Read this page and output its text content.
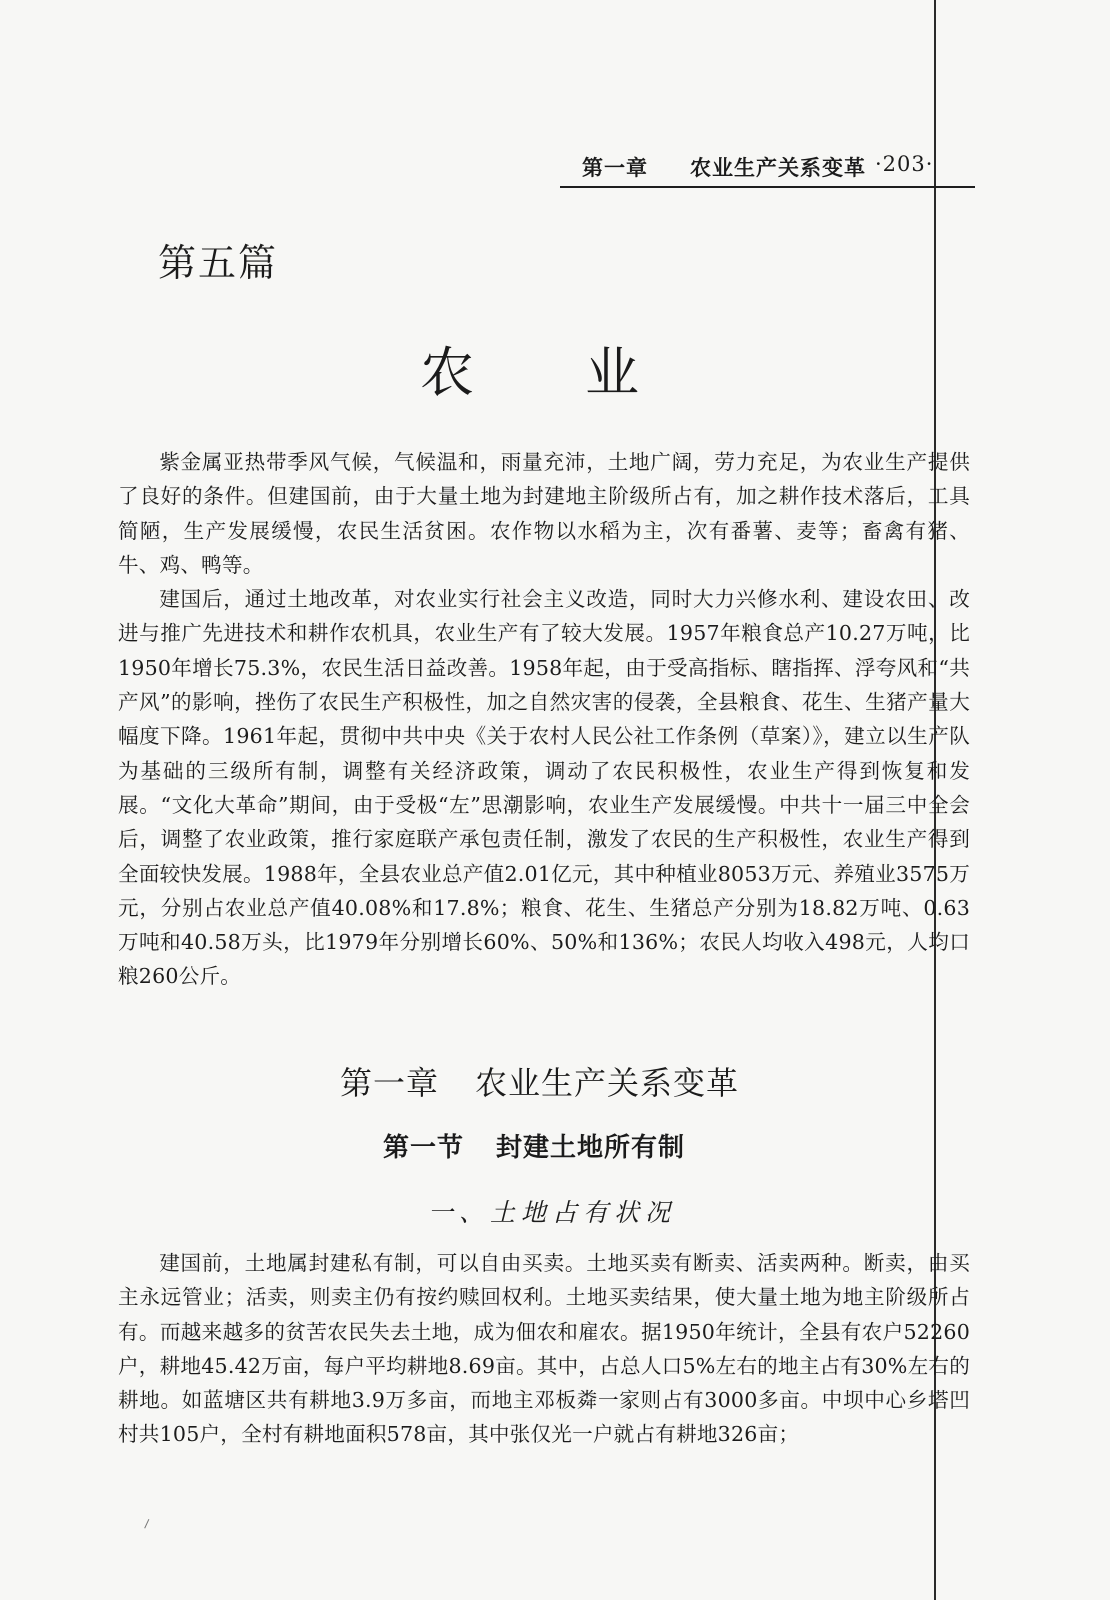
第一章 农业生产关系变革 ·203·
第五篇
农　　业

紫金属亚热带季风气候，气候温和，雨量充沛，土地广阔，劳力充足，为农业生产提供了良好的条件。但建国前，由于大量土地为封建地主阶级所占有，加之耕作技术落后，工具简陋，生产发展缓慢，农民生活贫困。农作物以水稻为主，次有番薯、麦等；畜禽有猪、牛、鸡、鸭等。

建国后，通过土地改革，对农业实行社会主义改造，同时大力兴修水利、建设农田、改进与推广先进技术和耕作农机具，农业生产有了较大发展。1957年粮食总产10.27万吨，比1950年增长75.3%，农民生活日益改善。1958年起，由于受高指标、瞎指挥、浮夸风和“共产风”的影响，挫伤了农民生产积极性，加之自然灾害的侵袭，全县粮食、花生、生猪产量大幅度下降。1961年起，贯彻中共中央《关于农村人民公社工作条例（草案）》，建立以生产队为基础的三级所有制，调整有关经济政策，调动了农民积极性，农业生产得到恢复和发展。“文化大革命”期间，由于受极“左”思潮影响，农业生产发展缓慢。中共十一届三中全会后，调整了农业政策，推行家庭联产承包责任制，激发了农民的生产积极性，农业生产得到全面较快发展。1988年，全县农业总产值2.01亿元，其中种植业8053万元、养殖业3575万元，分别占农业总产值40.08%和17.8%；粮食、花生、生猪总产分别为18.82万吨、0.63万吨和40.58万头，比1979年分别增长60%、50%和136%；农民人均收入498元，人均口粮260公斤。

第一章 农业生产关系变革
第一节 封建土地所有制
一、土地占有状况

建国前，土地属封建私有制，可以自由买卖。土地买卖有断卖、活卖两种。断卖，由买主永远管业；活卖，则卖主仍有按约赎回权利。土地买卖结果，使大量土地为地主阶级所占有。而越来越多的贫苦农民失去土地，成为佃农和雇农。据1950年统计，全县有农户52260户，耕地45.42万亩，每户平均耕地8.69亩。其中，占总人口5%左右的地主占有30%左右的耕地。如蓝塘区共有耕地3.9万多亩，而地主邓板粦一家则占有3000多亩。中坝中心乡塔凹村共105户，全村有耕地面积578亩，其中张仅光一户就占有耕地326亩；
